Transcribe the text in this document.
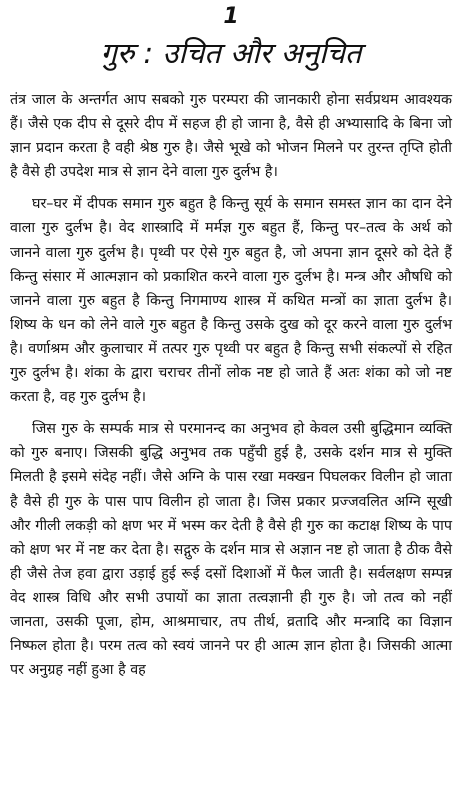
1
गुरु : उचित और अनुचित

तंत्र जाल के अन्तर्गत आप सबको गुरु परम्परा की जानकारी होना सर्वप्रथम आवश्यक हैं। जैसे एक दीप से दूसरे दीप में सहज ही हो जाना है, वैसे ही अभ्यासादि के बिना जो ज्ञान प्रदान करता है वही श्रेष्ठ गुरु है। जैसे भूखे को भोजन मिलने पर तुरन्त तृप्ति होती है वैसे ही उपदेश मात्र से ज्ञान देने वाला गुरु दुर्लभ है।

घर–घर में दीपक समान गुरु बहुत है किन्तु सूर्य के समान समस्त ज्ञान का दान देने वाला गुरु दुर्लभ है। वेद शास्त्रादि में मर्मज्ञ गुरु बहुत हैं, किन्तु पर–तत्व के अर्थ को जानने वाला गुरु दुर्लभ है। पृथ्वी पर ऐसे गुरु बहुत है, जो अपना ज्ञान दूसरे को देते हैं किन्तु संसार में आत्मज्ञान को प्रकाशित करने वाला गुरु दुर्लभ है। मन्त्र और औषधि को जानने वाला गुरु बहुत है किन्तु निगमाण्य शास्त्र में कथित मन्त्रों का ज्ञाता दुर्लभ है। शिष्य के धन को लेने वाले गुरु बहुत है किन्तु उसके दुख को दूर करने वाला गुरु दुर्लभ है। वर्णाश्रम और कुलाचार में तत्पर गुरु पृथ्वी पर बहुत है किन्तु सभी संकल्पों से रहित गुरु दुर्लभ है। शंका के द्वारा चराचर तीनों लोक नष्ट हो जाते हैं अतः शंका को जो नष्ट करता है, वह गुरु दुर्लभ है।

जिस गुरु के सम्पर्क मात्र से परमानन्द का अनुभव हो केवल उसी बुद्धिमान व्यक्ति को गुरु बनाए। जिसकी बुद्धि अनुभव तक पहुँची हुई है, उसके दर्शन मात्र से मुक्ति मिलती है इसमे संदेह नहीं। जैसे अग्नि के पास रखा मक्खन पिघलकर विलीन हो जाता है वैसे ही गुरु के पास पाप विलीन हो जाता है। जिस प्रकार प्रज्जवलित अग्नि सूखी और गीली लकड़ी को क्षण भर में भस्म कर देती है वैसे ही गुरु का कटाक्ष शिष्य के पाप को क्षण भर में नष्ट कर देता है। सद्गुरु के दर्शन मात्र से अज्ञान नष्ट हो जाता है ठीक वैसे ही जैसे तेज हवा द्वारा उड़ाई हुई रूई दसों दिशाओं में फैल जाती है। सर्वलक्षण सम्पन्न वेद शास्त्र विधि और सभी उपायों का ज्ञाता तत्वज्ञानी ही गुरु है। जो तत्व को नहीं जानता, उसकी पूजा, होम, आश्रमाचार, तप तीर्थ, व्रतादि और मन्त्रादि का विज्ञान निष्फल होता है। परम तत्व को स्वयं जानने पर ही आत्म ज्ञान होता है। जिसकी आत्मा पर अनुग्रह नहीं हुआ है वह
